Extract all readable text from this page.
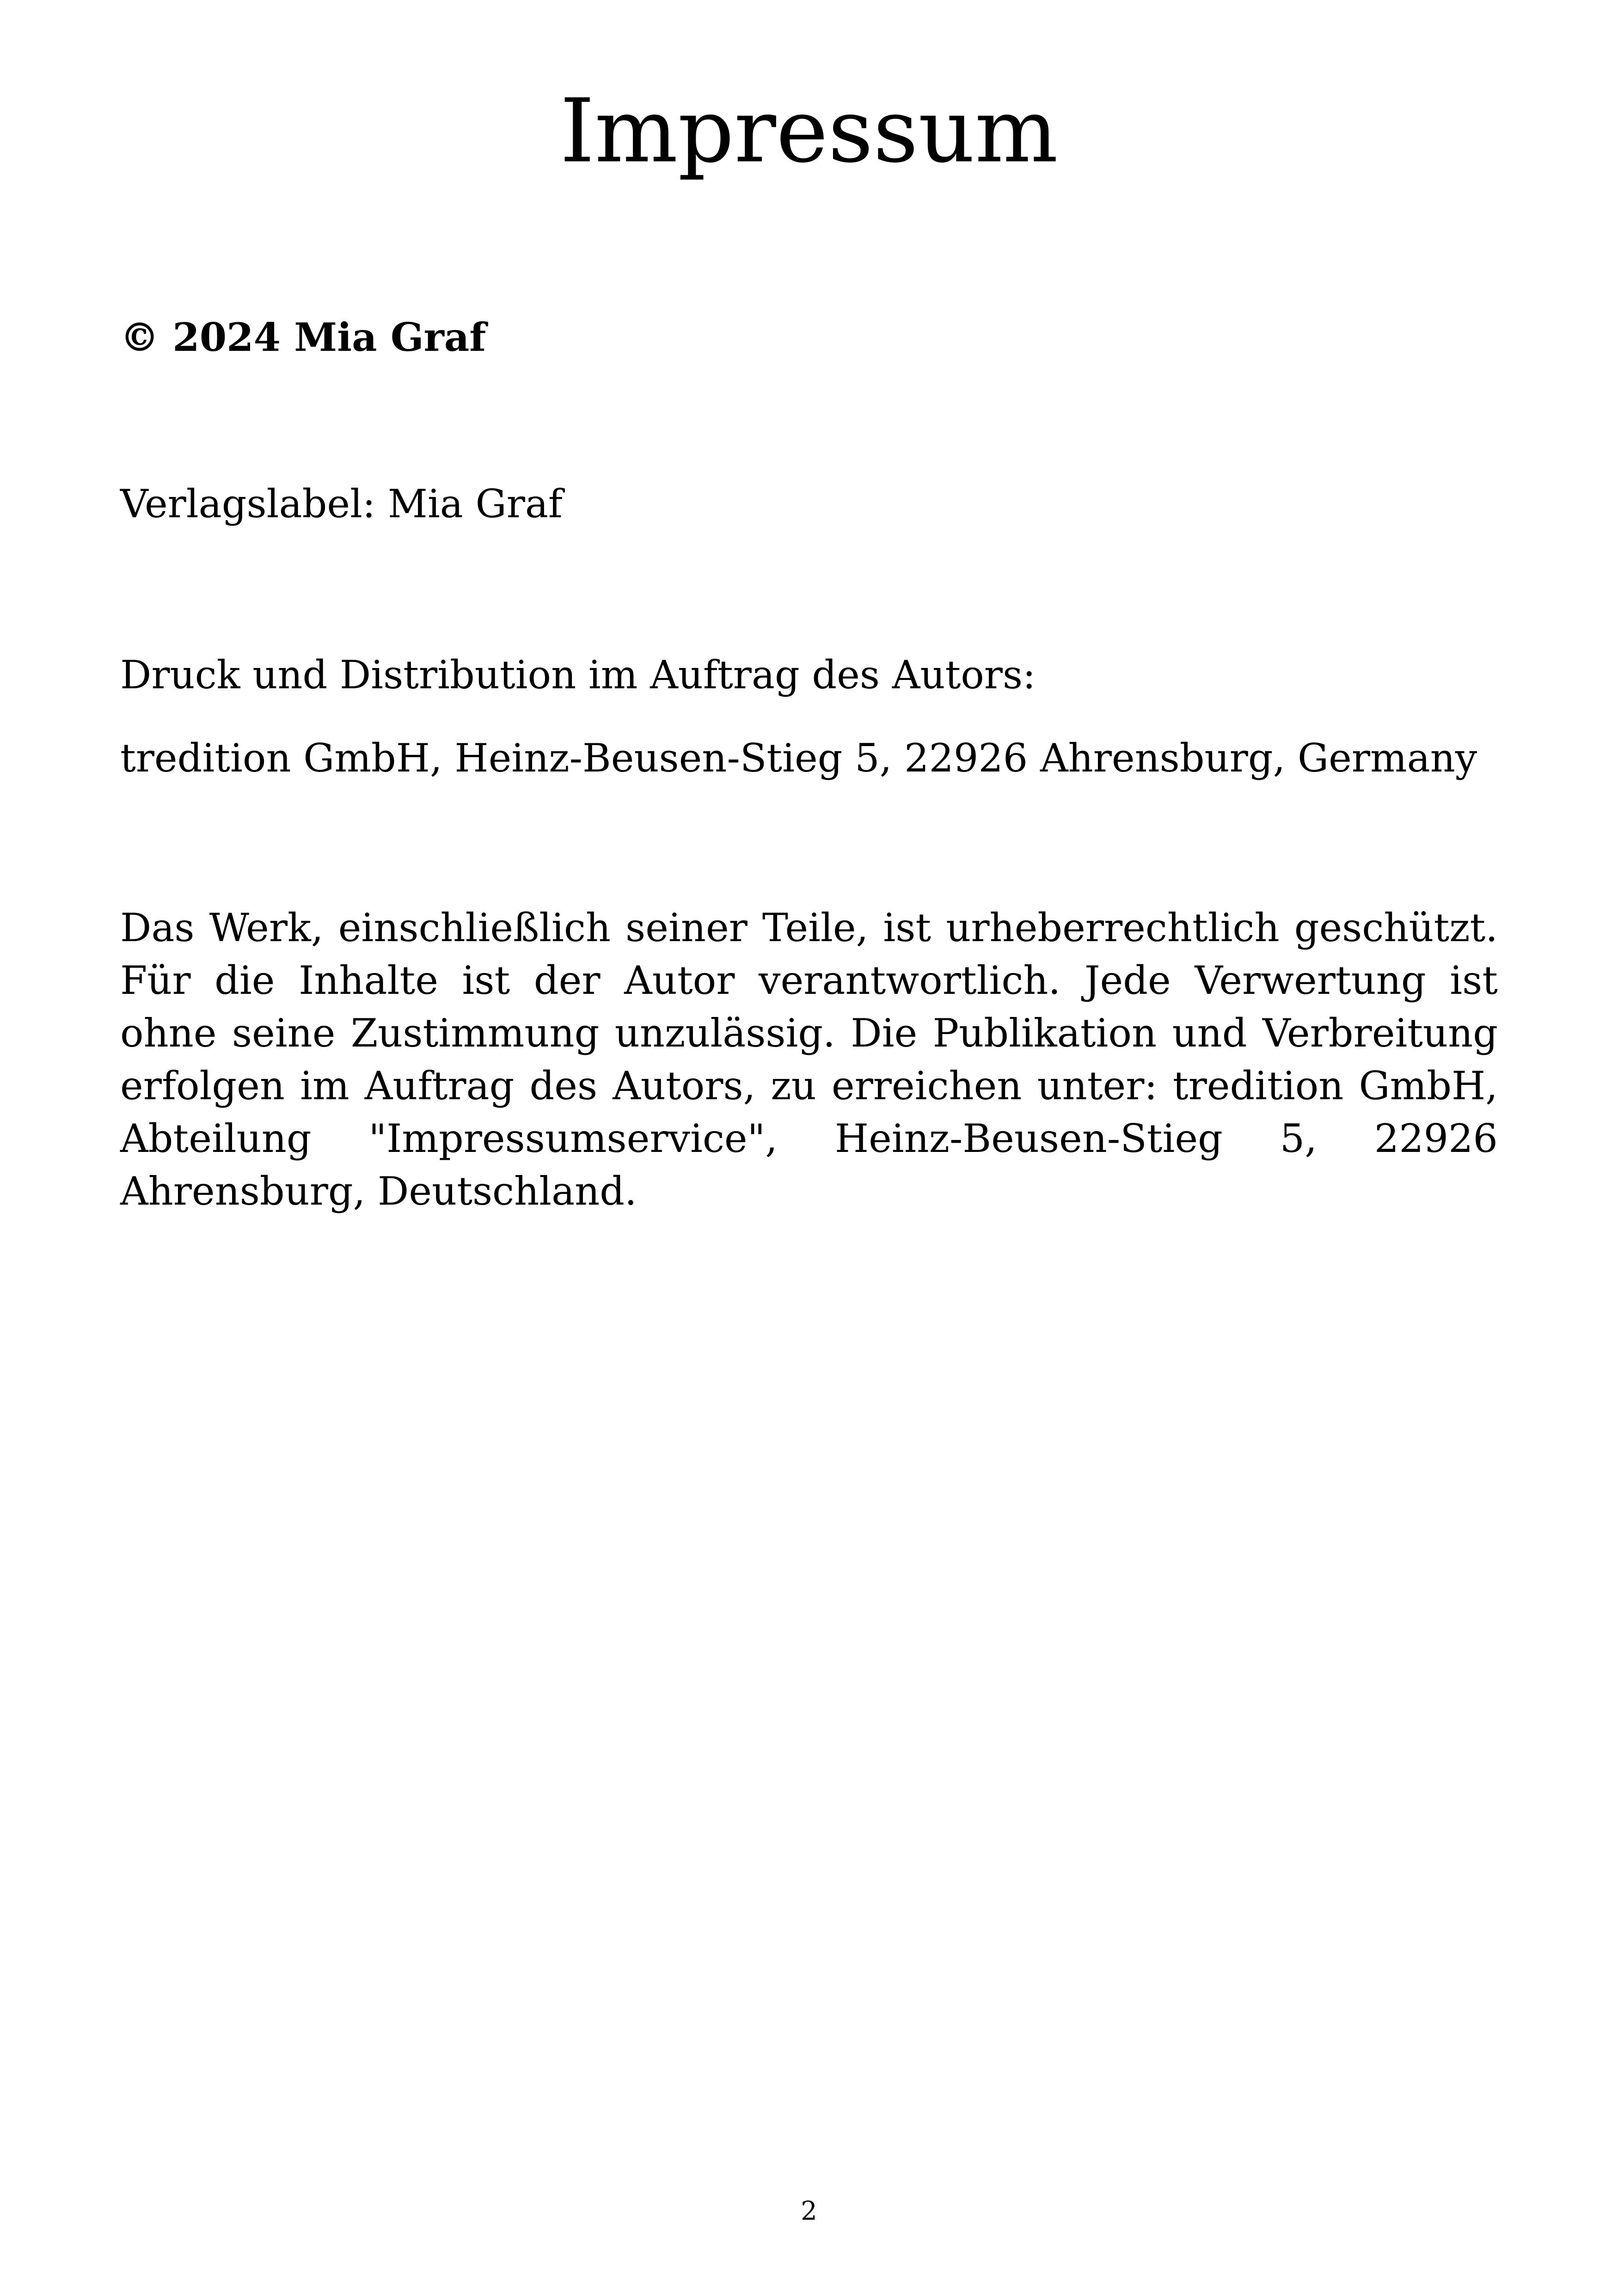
Impressum
© 2024 Mia Graf
Verlagslabel: Mia Graf
Druck und Distribution im Auftrag des Autors:
tredition GmbH, Heinz-Beusen-Stieg 5, 22926 Ahrensburg, Germany

Das Werk, einschließlich seiner Teile, ist urheberrechtlich geschützt. Für die Inhalte ist der Autor verantwortlich. Jede Verwertung ist ohne seine Zustimmung unzulässig. Die Publikation und Verbreitung erfolgen im Auftrag des Autors, zu erreichen unter: tredition GmbH, Abteilung "Impressumservice", Heinz-Beusen-Stieg 5, 22926 Ahrensburg, Deutschland.

2
